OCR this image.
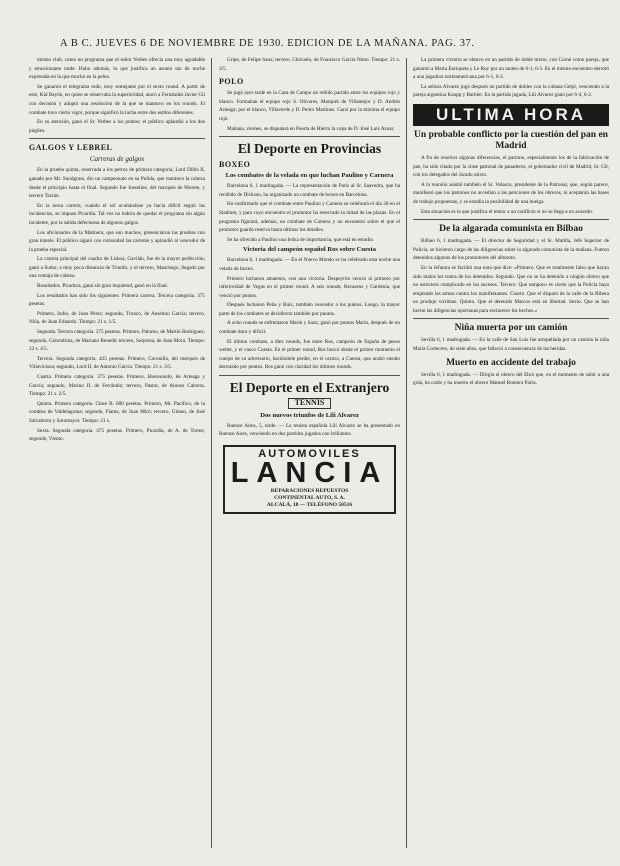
A B C. JUEVES 6 DE NOVIEMBRE DE 1930. EDICION DE LA MAÑANA. PAG. 37.

mismo club, como un programa que el señor Yerbes ofrecía una muy agradable y emocionante tarde. Hubo además, lo que justifica un asunto tan de noche expresada en la que mucho en la pelea.

Se ganaron el telegrama todo, muy semejante por el sexto round. A partir de este, Kid Bayón, en quien se observaba la superioridad, atacó a Fernández Javier Gil con decisión y adoptó una resolución de la que se mantuvo en los rounds. El combate tuvo cierto vigor, porque significó la lucha entre dos estilos diferentes.

En su atención, ganó el Sr. Yerbes a los puntos; el público aplaudió a los dos púgiles.

GALGOS Y LEBREL
Carreras de galgos

En la prueba quinta, reservada a los perros de primera categoría, Lord Dillis II, ganado por Mr. Snodgrass, dio un campeonato en su Pulida, que mantuvo la cabeza desde el principio hasta el final. Segundo fue Josseline, del marqués de Morete, y tercero Tarzán.

En la sexta carrera, cuando el sol ocultándose ya hacía difícil seguir las incidencias, se impuso Picardía. Tal vez no habría de quedar el programa sin algún incidente, por la salida defectuosa de algunos galgos.

Los aficionados de la Matinera, que son muchos, presenciaron las pruebas con gran interés. El público siguió con curiosidad las carreras y aplaudió al vencedor de la prueba especial.

La carrera principal del cuadro de Lisboa, Gavilán, fue de la mayor perfección; ganó a Sudor, a muy poca distancia de Triunfo, y el tercero, Manchego, llegado por una ventaja de cabeza.

Resultados. Picadora, ganó sin gran inquietud, ganó en la final.

Los resultados han sido los siguientes: Primera carrera. Tercera categoría. 375 pesetas.

Primero, Indio, de Juan Pérez; segundo, Tronco, de Anselmo García; tercero, Niña, de Juan Eduardo. Tiempo: 21 s. 1/5.

Segunda. Tercera categoría. 375 pesetas. Primero, Palomo, de Martín Rodríguez; segundo, Golondrina, de Mariano Benedé; tercero, Sorpresa, de Juan Mora. Tiempo: 22 s. 4/5.

Tercera. Segunda categoría. 425 pesetas. Primero, Coronilla, del marqués de Villaviciosa; segundo, Lord II, de Antonio García. Tiempo: 21 s. 3/5.

Cuarta. Primera categoría. 375 pesetas. Primero, Bienvenido, de Arteaga y García; segundo, Marino II, de Ferrándiz; tercero, Pastor, de Alonso Cabrera. Tiempo: 21 s. 2/5.

Quinta. Primera categoría. Clase B. 600 pesetas. Primero, Mr. Pacifico, de la condesa de Valdelagrana; segundo, Flama, de Juan Miró; tercero, Gitano, de José Salvatierra y Sotomayor. Tiempo: 21 s.

Sexta. Segunda categoría. 475 pesetas. Primero, Picardía, de A. de Torres; segundo, Viento.

Gripe, de Felipe Sanz; tercero, Chicuelo, de Francisco García Nieto. Tiempo: 21 s. 3/5.

POLO

Se jugó ayer tarde en la Casa de Campo un reñido partido entre los equipos rojo y blanco. Formaban el equipo rojo S. Olivares, Marqués de Villamejor y D. Andrés Arteaga; por el blanco, Villaverde y D. Pedro Martínez. Ganó por la mínima el equipo rojo.

Mañana, viernes, se disputará en Puerta de Hierro la copa de D. José Luis Azuar.

El Deporte en Provincias
BOXEO
Los combates de la velada en que luchan Paulino y Carnera

Barcelona 6, 1 madrugada. — La representación de París al Sr. Saavedra, que ha recibido de Dickson, ha organizado un combate de boxeo en Barcelona.

Ha confirmado que el combate entre Paulino y Carnera se celebrará el día 30 en el Stadium, y para cuyo encuentro el promotor ha reservado la mitad de las plazas. En el programa figurará, además, un combate de Carnera y un encuentro sobre el que el promotor guarda reserva hasta ultimar los detalles.

Se ha ofrecido a Paulino una bolsa de importancia, que está en estudio.

Victoria del campeón español Ros sobre Cuesta

Barcelona 6, 1 madrugada. — En el Nuevo Mundo se ha celebrado esta noche una velada de boxeo.

Primero lucharon amateurs, con una victoria. Despeyrón venció al primero por inferioridad de Vegas en el primer round. A seis rounds, Recasens y Gardenia, que venció por puntos.

Después lucharon Peña y Ruiz, también vencedor a los puntos. Luego, la mayor parte de los combates se decidieron también por puntos.

A ocho rounds se enfrentaron Marín y Sanz; ganó por puntos Marín, después de un combate duro y difícil.

El último combate, a diez rounds, fue entre Ros, campeón de España de pesos welter, y el vasco Cuesta. En el primer round, Ros buscó desde el primer momento el cuerpo de su adversario, haciéndole perder, en el octavo, a Cuesta, que acabó siendo derrotado por puntos. Ros ganó con claridad los últimos rounds.

El Deporte en el Extranjero
TENNIS
Dos nuevos triunfos de Lilí Alvarez

Buenos Aires, 5, tarde. — La tenista española Lilí Alvarez se ha presentado en Buenos Aires, venciendo en dos partidos jugados con brillantez.

AUTOMOVILES
LANCIA
REPARACIONES REPUESTOS
CONTINENTAL AUTO, S. A.
ALCALÁ, 18 — TELÉFONO 50516

La primera victoria se obtuvo en un partido de doble mixto, con Corné como pareja, que ganaron a Marta Enriqueta y Le Roy por un tanteo de 6-1, 6-3. En el mismo encuentro derrotó a una jugadora norteamericana por 6-1, 6-2.

La señora Alvarez jugó después un partido de dobles con la cubana Gelpi, venciendo a la pareja argentina Kaupp y Barbier. En la partida jugada, Lili Alvarez ganó por 6-4, 6-2.

ULTIMA HORA
Un probable conflicto por la cuestión del pan en Madrid

A fin de resolver algunas diferencias, el patrono, especialmente los de la fabricación de pan, ha sido citado por la clase patronal de panaderos, el gobernador civil de Madrid, Sr. Gil, con los delegados del Jurado mixto.

A la reunión asistió también el Sr. Velasco, presidente de la Patronal, que, según parece, manifestó que los patronos no accedían a las peticiones de los obreros, ni aceptarán las bases de trabajo propuestas, y se estudia la posibilidad de una huelga.

Esta situación es la que justifica el temor a un conflicto si no se llega a un acuerdo.

De la algarada comunista en Bilbao

Bilbao 6, 1 madrugada. — El director de Seguridad y el Sr. Matilla, Jefe Superior de Policía, se hicieron cargo de las diligencias sobre la algarada comunista de la mañana. Fueron detenidos algunos de los promotores del alboroto.

En la Jefatura se facilitó una nota que dice: «Primero. Que es totalmente falso que hayan sido malos los tratos de los detenidos. Segundo. Que no se ha detenido a ningún obrero que no estuviera complicado en los sucesos. Tercero. Que tampoco es cierto que la Policía haya empleado las armas contra los manifestantes. Cuarto. Que el disparo de la calle de la Ribera no produjo víctimas. Quinto. Que el detenido Marcos está en libertad. Sexto. Que se han hecho las diligencias oportunas para esclarecer los hechos.»

Niña muerta por un camión

Sevilla 6, 1 madrugada. — En la calle de San Luis fue atropellada por un camión la niña María Cortecero, de siete años, que falleció a consecuencia de las heridas.

Muerto en accidente del trabajo

Sevilla 6, 1 madrugada. — Dirigía el obrero del Ebro que, en el momento de subir a una grúa, ha caído y ha muerto el obrero Manuel Romero Parra.
